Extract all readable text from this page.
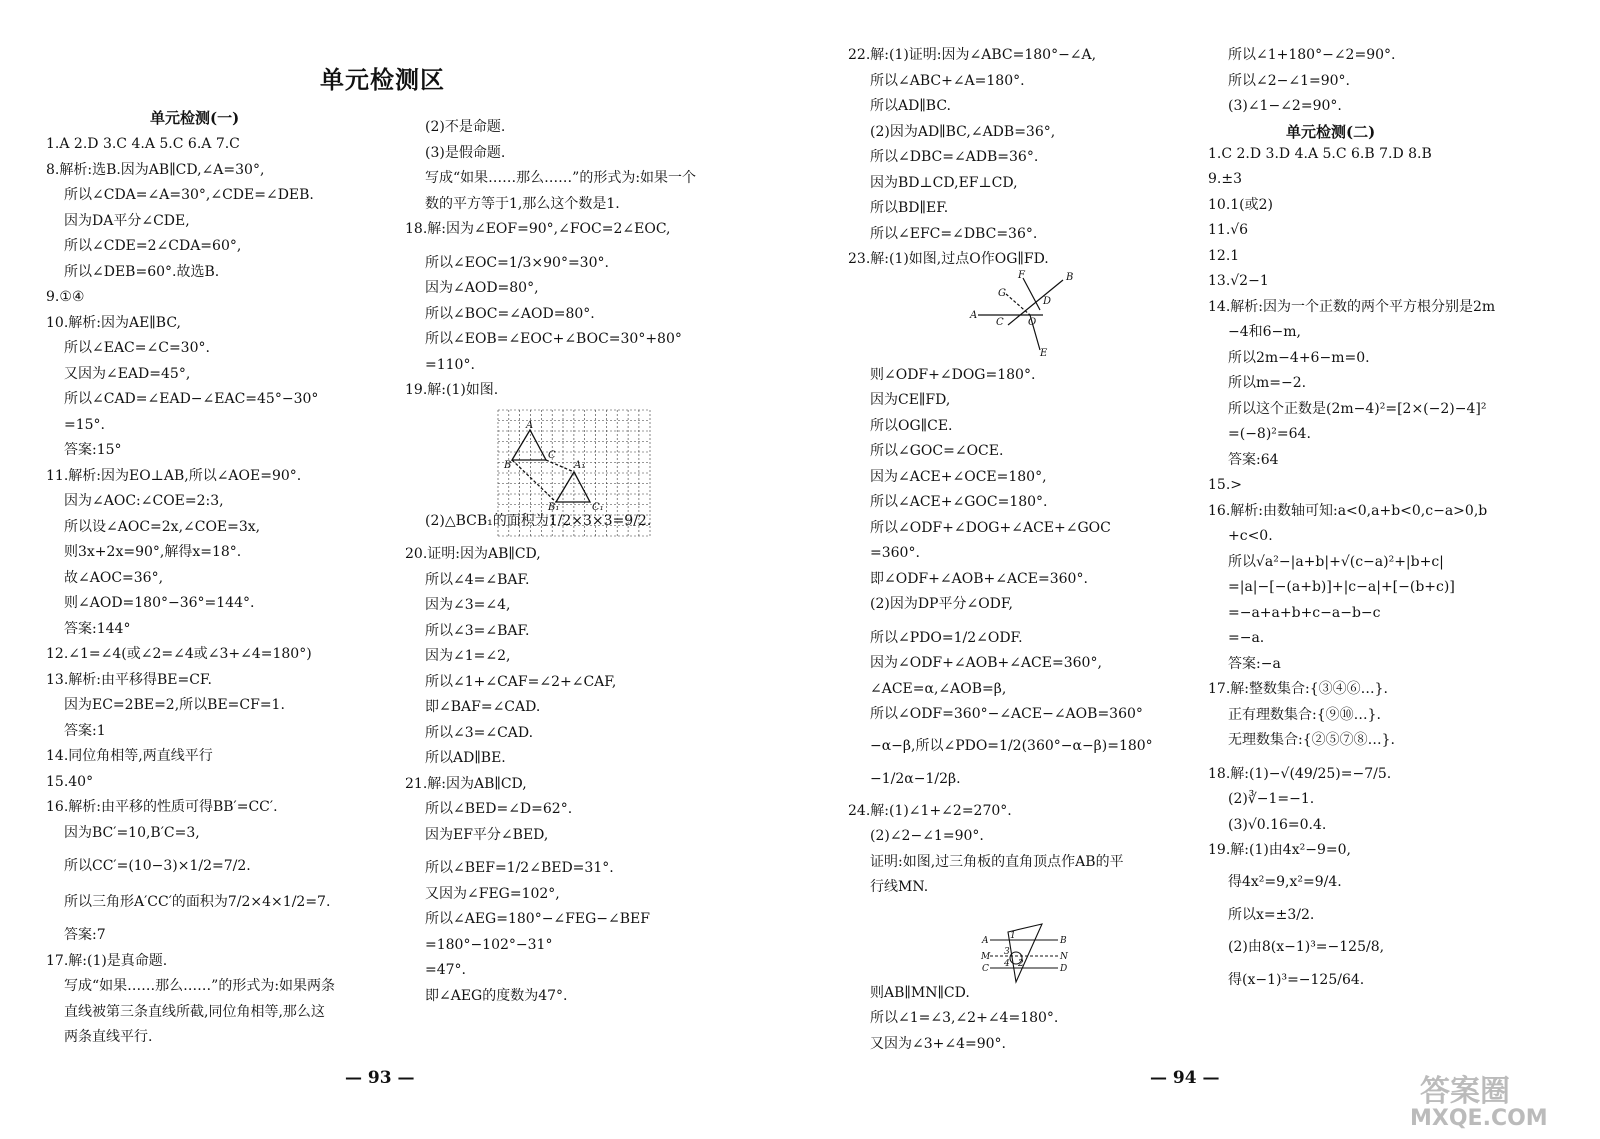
单元检测区
单元检测(一)
单元检测(二)
1.A 2.D 3.C 4.A 5.C 6.A 7.C
8.解析:选B.因为AB∥CD,∠A=30°,
所以∠CDA=∠A=30°,∠CDE=∠DEB.
因为DA平分∠CDE,
所以∠CDE=2∠CDA=60°,
所以∠DEB=60°.故选B.
9.①④
10.解析:因为AE∥BC,
所以∠EAC=∠C=30°.
又因为∠EAD=45°,
所以∠CAD=∠EAD−∠EAC=45°−30°
=15°.
答案:15°
11.解析:因为EO⊥AB,所以∠AOE=90°.
因为∠AOC:∠COE=2:3,
所以设∠AOC=2x,∠COE=3x,
则3x+2x=90°,解得x=18°.
故∠AOC=36°,
则∠AOD=180°−36°=144°.
答案:144°
12.∠1=∠4(或∠2=∠4或∠3+∠4=180°)
13.解析:由平移得BE=CF.
因为EC=2BE=2,所以BE=CF=1.
答案:1
14.同位角相等,两直线平行
15.40°
16.解析:由平移的性质可得BB′=CC′.
因为BC′=10,B′C=3,
所以CC′=(10−3)×1/2=7/2.
所以三角形A′CC′的面积为7/2×4×1/2=7.
答案:7
17.解:(1)是真命题.
写成“如果……那么……”的形式为:如果两条
直线被第三条直线所截,同位角相等,那么这
两条直线平行.
(2)不是命题.
(3)是假命题.
写成“如果……那么……”的形式为:如果一个
数的平方等于1,那么这个数是1.
18.解:因为∠EOF=90°,∠FOC=2∠EOC,
所以∠EOC=1/3×90°=30°.
因为∠AOD=80°,
所以∠BOC=∠AOD=80°.
所以∠EOB=∠EOC+∠BOC=30°+80°
=110°.
19.解:(1)如图.
(2)△BCB₁的面积为1/2×3×3=9/2.
20.证明:因为AB∥CD,
所以∠4=∠BAF.
因为∠3=∠4,
所以∠3=∠BAF.
因为∠1=∠2,
所以∠1+∠CAF=∠2+∠CAF,
即∠BAF=∠CAD.
所以∠3=∠CAD.
所以AD∥BE.
21.解:因为AB∥CD,
所以∠BED=∠D=62°.
因为EF平分∠BED,
所以∠BEF=1/2∠BED=31°.
又因为∠FEG=102°,
所以∠AEG=180°−∠FEG−∠BEF
=180°−102°−31°
=47°.
即∠AEG的度数为47°.
22.解:(1)证明:因为∠ABC=180°−∠A,
所以∠ABC+∠A=180°.
所以AD∥BC.
(2)因为AD∥BC,∠ADB=36°,
所以∠DBC=∠ADB=36°.
因为BD⊥CD,EF⊥CD,
所以BD∥EF.
所以∠EFC=∠DBC=36°.
23.解:(1)如图,过点O作OG∥FD.
则∠ODF+∠DOG=180°.
因为CE∥FD,
所以OG∥CE.
所以∠GOC=∠OCE.
因为∠ACE+∠OCE=180°,
所以∠ACE+∠GOC=180°.
所以∠ODF+∠DOG+∠ACE+∠GOC
=360°.
即∠ODF+∠AOB+∠ACE=360°.
(2)因为DP平分∠ODF,
所以∠PDO=1/2∠ODF.
因为∠ODF+∠AOB+∠ACE=360°,
∠ACE=α,∠AOB=β,
所以∠ODF=360°−∠ACE−∠AOB=360°
−α−β,所以∠PDO=1/2(360°−α−β)=180°
−1/2α−1/2β.
24.解:(1)∠1+∠2=270°.
(2)∠2−∠1=90°.
证明:如图,过三角板的直角顶点作AB的平
行线MN.
则AB∥MN∥CD.
所以∠1=∠3,∠2+∠4=180°.
又因为∠3+∠4=90°.
所以∠1+180°−∠2=90°.
所以∠2−∠1=90°.
(3)∠1−∠2=90°.
1.C 2.D 3.D 4.A 5.C 6.B 7.D 8.B
9.±3
10.1(或2)
11.√6
12.1
13.√2−1
14.解析:因为一个正数的两个平方根分别是2m
−4和6−m,
所以2m−4+6−m=0.
所以m=−2.
所以这个正数是(2m−4)²=[2×(−2)−4]²
=(−8)²=64.
答案:64
15.>
16.解析:由数轴可知:a<0,a+b<0,c−a>0,b
+c<0.
所以√a²−|a+b|+√(c−a)²+|b+c|
=|a|−[−(a+b)]+|c−a|+[−(b+c)]
=−a+a+b+c−a−b−c
=−a.
答案:−a
17.解:整数集合:{③④⑥…}.
正有理数集合:{⑨⑩…}.
无理数集合:{②⑤⑦⑧…}.
18.解:(1)−√(49/25)=−7/5.
(2)∛−1=−1.
(3)√0.16=0.4.
19.解:(1)由4x²−9=0,
得4x²=9,x²=9/4.
所以x=±3/2.
(2)由8(x−1)³=−125/8,
得(x−1)³=−125/64.
A
B
C
A₁
B₁	C₁
F	B
G
D
A
C O
E
A	B
M	N
C	D
1
3
4 2
— 93 —	— 94 —	答案圈
MXQE.COM
